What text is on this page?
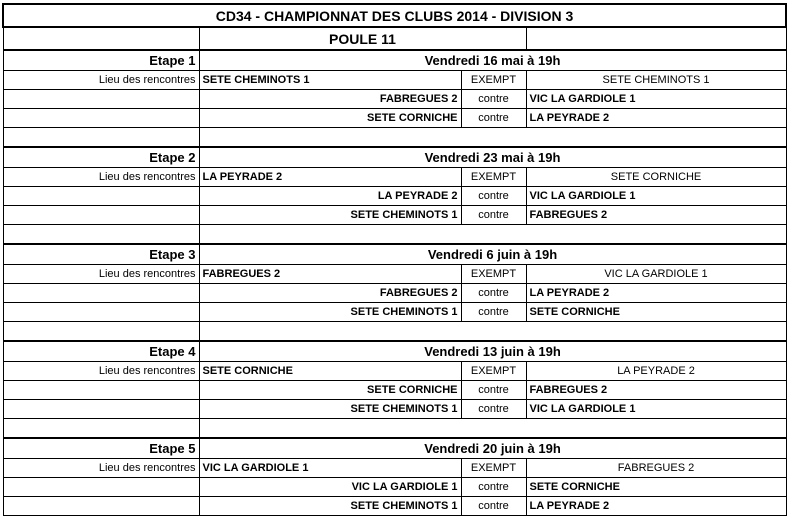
CD34 - CHAMPIONNAT DES CLUBS 2014 - DIVISION 3			
	POULE 11		
Etape 1	Vendredi 16 mai à 19h		
Lieu des rencontres	SETE CHEMINOTS 1	EXEMPT	SETE CHEMINOTS 1
	FABREGUES 2	contre	VIC LA GARDIOLE 1
	SETE CORNICHE	contre	LA PEYRADE 2

Etape 2	Vendredi 23 mai à 19h		
Lieu des rencontres	LA PEYRADE 2	EXEMPT	SETE CORNICHE
	LA PEYRADE 2	contre	VIC LA GARDIOLE 1
	SETE CHEMINOTS 1	contre	FABREGUES 2

Etape 3	Vendredi 6 juin à 19h		
Lieu des rencontres	FABREGUES 2	EXEMPT	VIC LA GARDIOLE 1
	FABREGUES 2	contre	LA PEYRADE 2
	SETE CHEMINOTS 1	contre	SETE CORNICHE

Etape 4	Vendredi 13 juin à 19h		
Lieu des rencontres	SETE CORNICHE	EXEMPT	LA PEYRADE 2
	SETE CORNICHE	contre	FABREGUES 2
	SETE CHEMINOTS 1	contre	VIC LA GARDIOLE 1

Etape 5	Vendredi 20 juin à 19h		
Lieu des rencontres	VIC LA GARDIOLE 1	EXEMPT	FABREGUES 2
	VIC LA GARDIOLE 1	contre	SETE CORNICHE
	SETE CHEMINOTS 1	contre	LA PEYRADE 2
